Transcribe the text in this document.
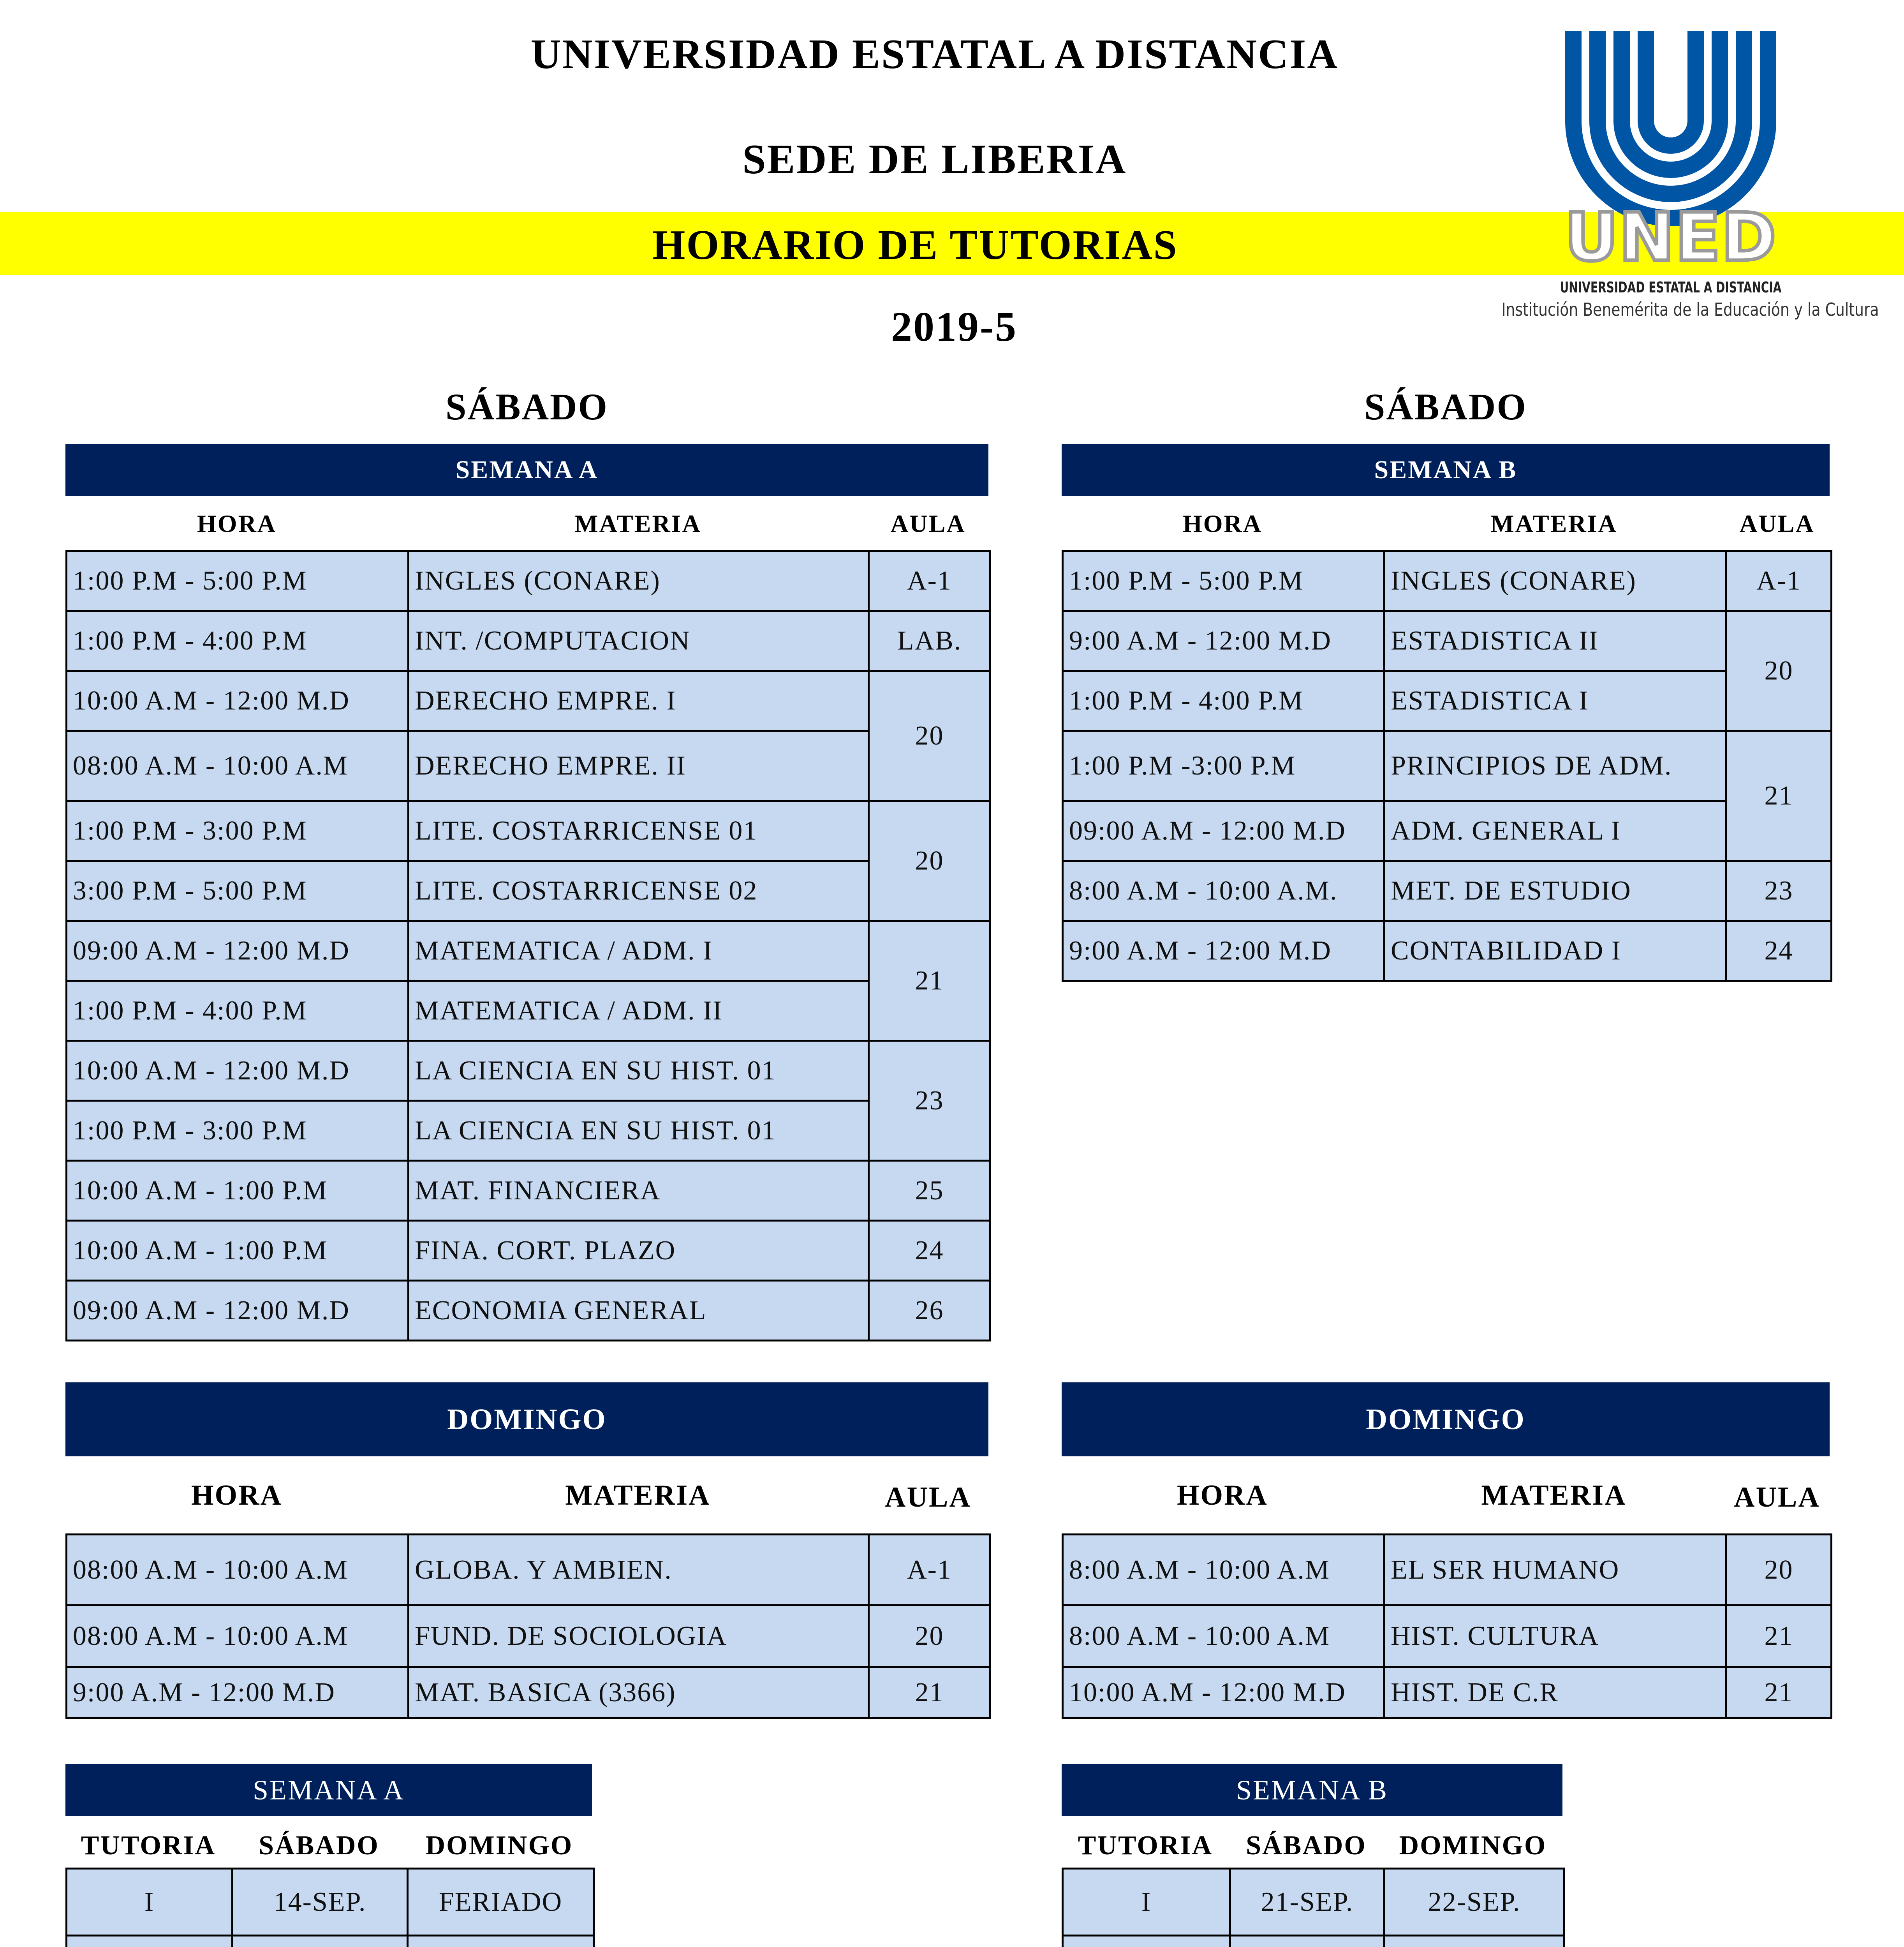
UNIVERSIDAD ESTATAL A DISTANCIA
SEDE DE LIBERIA
HORARIO DE TUTORIAS
2019-5
UNED
UNIVERSIDAD ESTATAL A DISTANCIA
Institución Benemérita de la Educación y la Cultura
SÁBADO
SEMANA A
HORA	MATERIA	AULA
1:00 P.M - 5:00 P.M	INGLES (CONARE)	A-1
1:00 P.M - 4:00 P.M	INT. /COMPUTACION	LAB.
10:00 A.M - 12:00 M.D	DERECHO EMPRE. I	20
08:00 A.M - 10:00 A.M	DERECHO EMPRE. II	
1:00 P.M - 3:00 P.M	LITE. COSTARRICENSE 01	20
3:00 P.M - 5:00 P.M	LITE. COSTARRICENSE 02	
09:00 A.M - 12:00 M.D	MATEMATICA / ADM. I	21
1:00 P.M - 4:00 P.M	MATEMATICA / ADM. II	
10:00 A.M - 12:00 M.D	LA CIENCIA EN SU HIST. 01	23
1:00 P.M - 3:00 P.M	LA CIENCIA EN SU HIST. 01	
10:00 A.M - 1:00 P.M	MAT. FINANCIERA	25
10:00 A.M - 1:00 P.M	FINA. CORT. PLAZO	24
09:00 A.M - 12:00 M.D	ECONOMIA GENERAL	26
SÁBADO
SEMANA B
HORA	MATERIA	AULA
1:00 P.M - 5:00 P.M	INGLES (CONARE)	A-1
9:00 A.M - 12:00 M.D	ESTADISTICA II	20
1:00 P.M - 4:00 P.M	ESTADISTICA I	
1:00 P.M -3:00 P.M	PRINCIPIOS DE ADM.	21
09:00 A.M - 12:00 M.D	ADM. GENERAL I	
8:00 A.M - 10:00 A.M.	MET. DE ESTUDIO	23
9:00 A.M - 12:00 M.D	CONTABILIDAD I	24
DOMINGO
HORA	MATERIA	AULA
08:00 A.M - 10:00 A.M	GLOBA. Y AMBIEN.	A-1
08:00 A.M - 10:00 A.M	FUND. DE SOCIOLOGIA	20
9:00 A.M - 12:00 M.D	MAT. BASICA (3366)	21
DOMINGO
HORA	MATERIA	AULA
8:00 A.M - 10:00 A.M	EL SER HUMANO	20
8:00 A.M - 10:00 A.M	HIST. CULTURA	21
10:00 A.M - 12:00 M.D	HIST. DE C.R	21
SEMANA A
TUTORIA	SÁBADO	DOMINGO
I	14-SEP.	FERIADO

SEMANA B
TUTORIA	SÁBADO	DOMINGO
I	21-SEP.	22-SEP.
